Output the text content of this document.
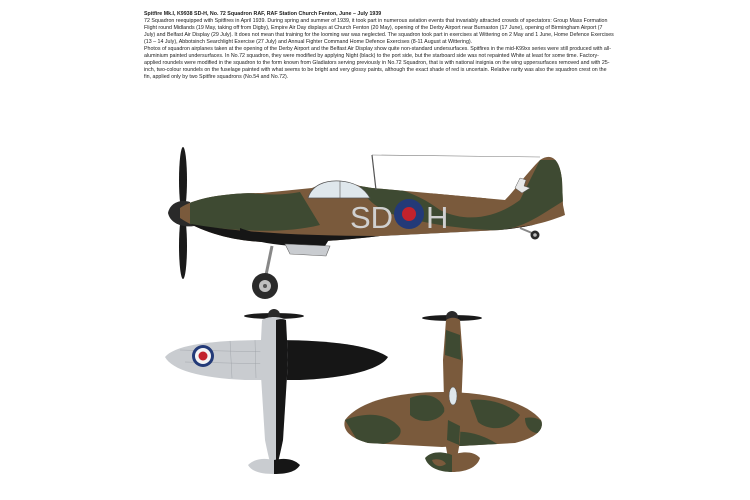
Spitfire Mk.I, K9938 SD-H, No. 72 Squadron RAF, RAF Station Church Fenton, June – July 1939

72 Squadron reequipped with Spitfires in April 1939. During spring and summer of 1939, it took part in numerous aviation events that invariably attracted crowds of spectators: Group Mass Formation Flight round Midlands (19 May, taking off from Digby), Empire Air Day displays at Church Fenton (20 May), opening of the Derby Airport near Burnaston (17 June), opening of Birmingham Airport (7 July) and Belfast Air Display (29 July). It does not mean that training for the looming war was neglected. The squadron took part in exercises at Wittering on 2 May and 1 June, Home Defence Exercises (13 – 14 July), Abbotsinch Searchlight Exercise (27 July) and Annual Fighter Command Home Defence Exercises (8-11 August at Wittering).

Photos of squadron airplanes taken at the opening of the Derby Airport and the Belfast Air Display show quite non-standard undersurfaces. Spitfires in the mid-K99xx series were still produced with all-aluminium painted undersurfaces. In No.72 squadron, they were modified by applying Night (black) to the port side, but the starboard side was not repainted White at least for some time. Factory-applied roundels were modified in the squadron to the form known from Gladiators serving previously in No.72 Squadron, that is with national insignia on the wing uppersurfaces removed and with 25-inch, two-colour roundels on the fuselage painted with what seems to be bright and very glossy paints, although the exact shade of red is uncertain. Relative rarity was also the squadron crest on the fin, applied only by two Spitfire squadrons (No.54 and No.72).

SD H
